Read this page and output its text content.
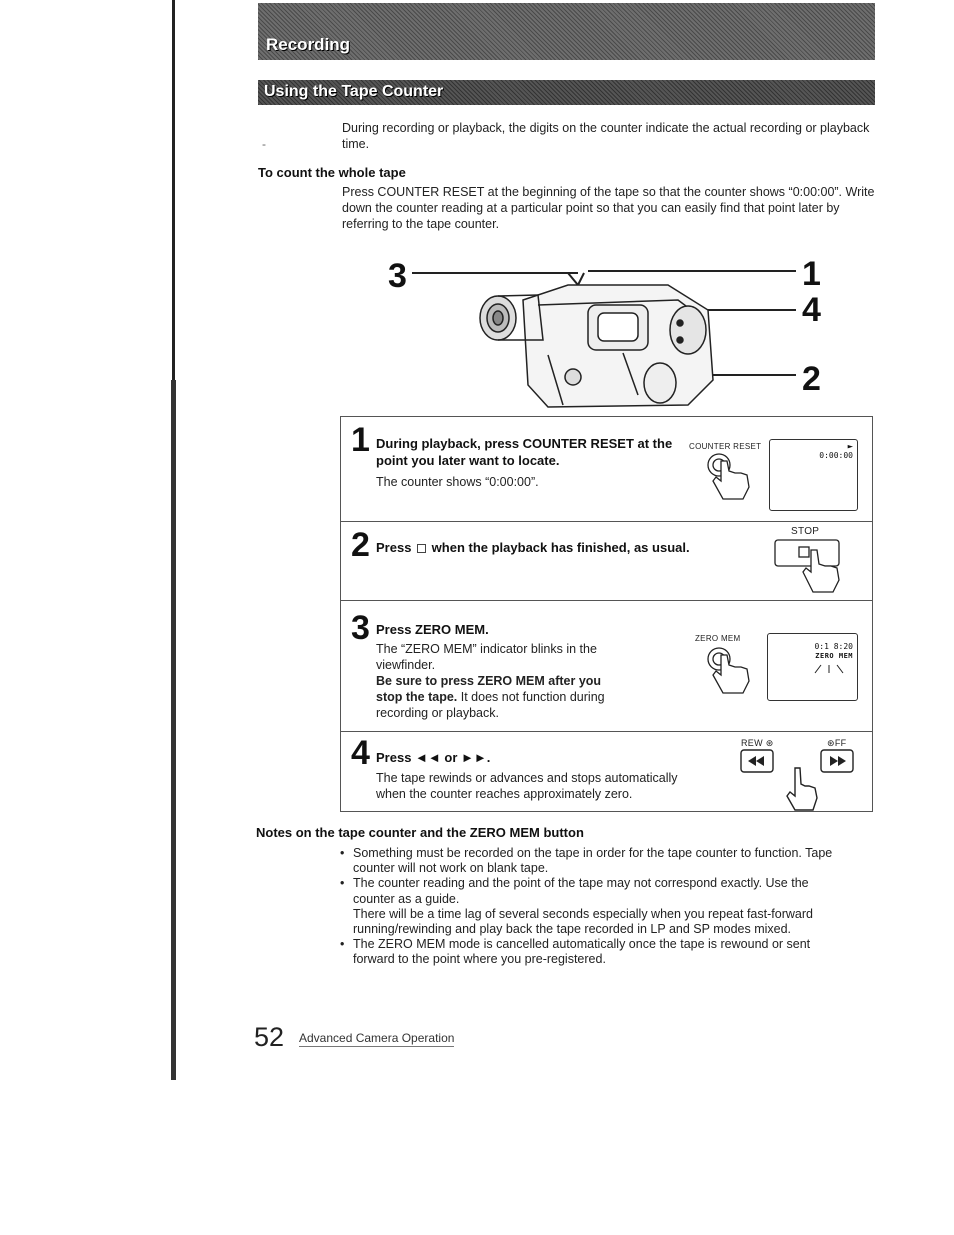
Recording
Using the Tape Counter
-

During recording or playback, the digits on the counter indicate the actual recording or playback time.

To count the whole tape

Press COUNTER RESET at the beginning of the tape so that the counter shows “0:00:00”. Write down the counter reading at a particular point so that you can easily find that point later by referring to the tape counter.

3	1
4
2
1 During playback, press COUNTER RESET at the point you later want to locate.
The counter shows “0:00:00”.
COUNTER RESET	►
0:00:00
2 Press when the playback has finished, as usual.
STOP
3 Press ZERO MEM.
The “ZERO MEM” indicator blinks in the viewfinder.
Be sure to press ZERO MEM after you stop the tape. It does not function during recording or playback.
ZERO MEM
0:1 8:20
ZERO MEM
4 Press ◄◄ or ►►.
The tape rewinds or advances and stops automatically when the counter reaches approximately zero.
REW ⊛	⊛FF
Notes on the tape counter and the ZERO MEM button
• Something must be recorded on the tape in order for the tape counter to function. Tape counter will not work on blank tape.
• The counter reading and the point of the tape may not correspond exactly. Use the counter as a guide.
There will be a time lag of several seconds especially when you repeat fast-forward running/rewinding and play back the tape recorded in LP and SP modes mixed.
• The ZERO MEM mode is cancelled automatically once the tape is rewound or sent forward to the point where you pre-registered.
52 Advanced Camera Operation
